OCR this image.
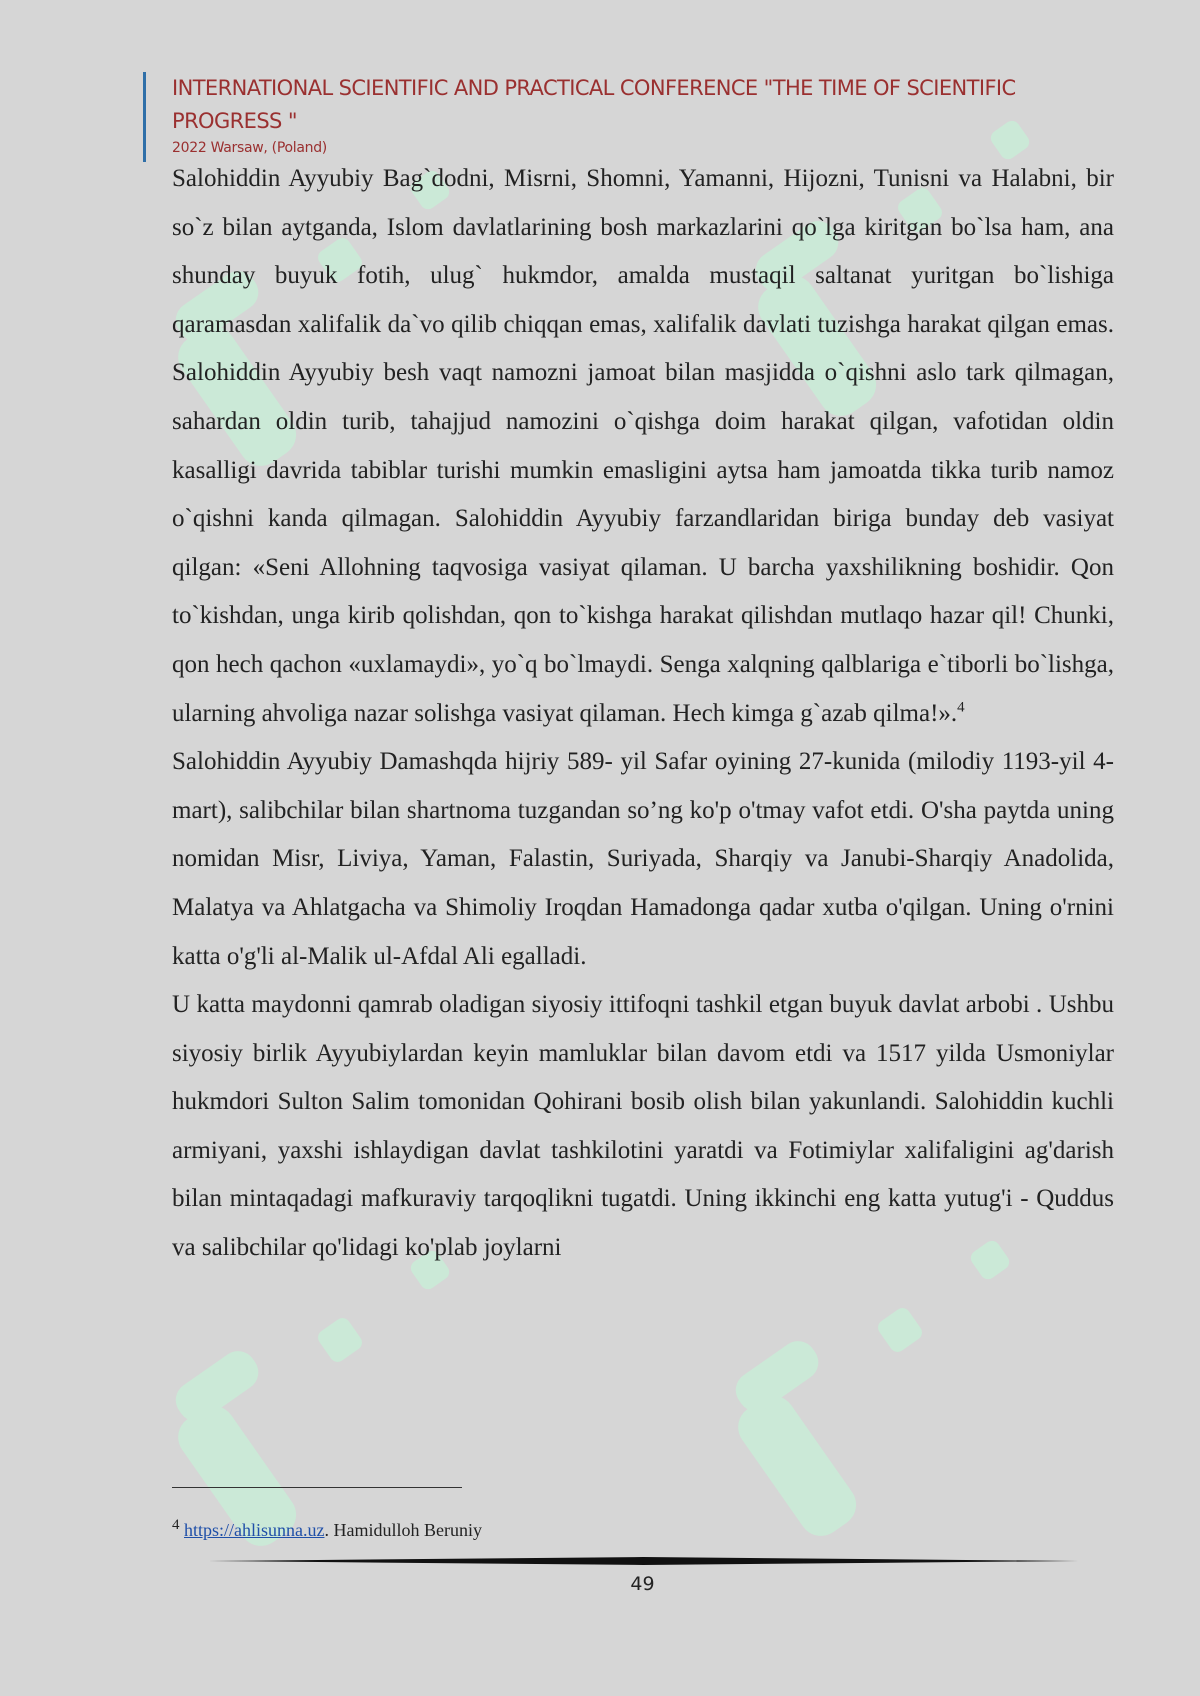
INTERNATIONAL SCIENTIFIC AND PRACTICAL CONFERENCE "THE TIME OF SCIENTIFIC PROGRESS "
2022 Warsaw, (Poland)

Salohiddin Ayyubiy Bag`dodni, Misrni, Shomni, Yamanni, Hijozni, Tunisni va Halabni, bir so`z bilan aytganda, Islom davlatlarining bosh markazlarini qo`lga kiritgan bo`lsa ham, ana shunday buyuk fotih, ulug` hukmdor, amalda mustaqil saltanat yuritgan bo`lishiga qaramasdan xalifalik da`vo qilib chiqqan emas, xalifalik davlati tuzishga harakat qilgan emas.

Salohiddin Ayyubiy besh vaqt namozni jamoat bilan masjidda o`qishni aslo tark qilmagan, sahardan oldin turib, tahajjud namozini o`qishga doim harakat qilgan, vafotidan oldin kasalligi davrida tabiblar turishi mumkin emasligini aytsa ham jamoatda tikka turib namoz o`qishni kanda qilmagan. Salohiddin Ayyubiy farzandlaridan biriga bunday deb vasiyat qilgan: «Seni Allohning taqvosiga vasiyat qilaman. U barcha yaxshilikning boshidir. Qon to`kishdan, unga kirib qolishdan, qon to`kishga harakat qilishdan mutlaqo hazar qil! Chunki, qon hech qachon «uxlamaydi», yo`q bo`lmaydi. Senga xalqning qalblariga e`tiborli bo`lishga, ularning ahvoliga nazar solishga vasiyat qilaman. Hech kimga g`azab qilma!».$^4$

Salohiddin Ayyubiy Damashqda hijriy 589- yil Safar oyining 27-kunida (milodiy 1193-yil 4-mart), salibchilar bilan shartnoma tuzgandan so’ng ko'p o'tmay vafot etdi. O'sha paytda uning nomidan Misr, Liviya, Yaman, Falastin, Suriyada, Sharqiy va Janubi-Sharqiy Anadolida, Malatya va Ahlatgacha va Shimoliy Iroqdan Hamadonga qadar xutba o'qilgan. Uning o'rnini katta o'g'li al-Malik ul-Afdal Ali egalladi.

U katta maydonni qamrab oladigan siyosiy ittifoqni tashkil etgan buyuk davlat arbobi . Ushbu siyosiy birlik Ayyubiylardan keyin mamluklar bilan davom etdi va 1517 yilda Usmoniylar hukmdori Sulton Salim tomonidan Qohirani bosib olish bilan yakunlandi. Salohiddin kuchli armiyani, yaxshi ishlaydigan davlat tashkilotini yaratdi va Fotimiylar xalifaligini ag'darish bilan mintaqadagi mafkuraviy tarqoqlikni tugatdi. Uning ikkinchi eng katta yutug'i - Quddus va salibchilar qo'lidagi ko'plab joylarni

$^4$ https://ahlisunna.uz. Hamidulloh Beruniy
49
